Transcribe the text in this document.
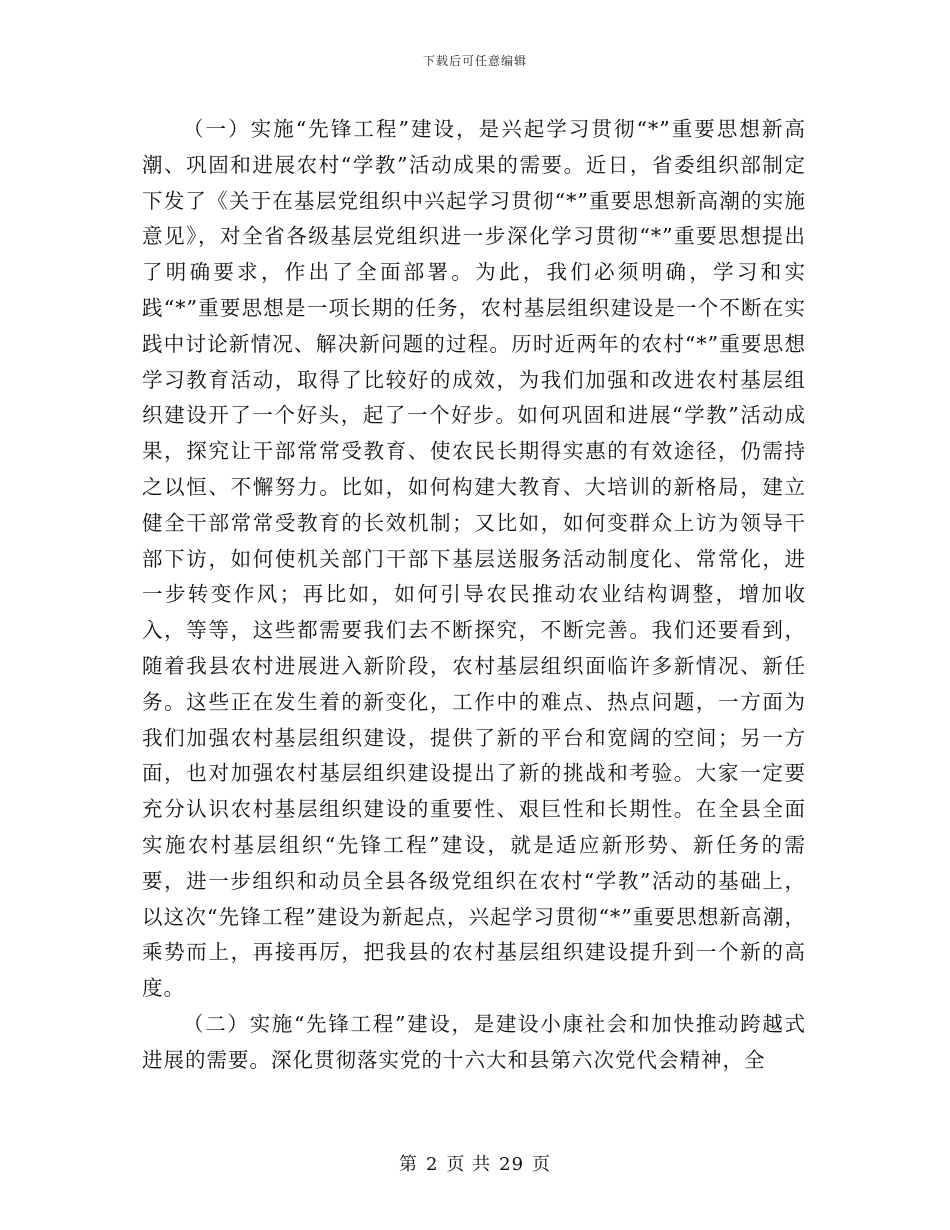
下载后可任意编辑

（一）实施“先锋工程”建设，是兴起学习贯彻“*”重要思想新高潮、巩固和进展农村“学教”活动成果的需要。近日，省委组织部制定下发了《关于在基层党组织中兴起学习贯彻“*”重要思想新高潮的实施意见》，对全省各级基层党组织进一步深化学习贯彻“*”重要思想提出了明确要求，作出了全面部署。为此，我们必须明确，学习和实践“*”重要思想是一项长期的任务，农村基层组织建设是一个不断在实践中讨论新情况、解决新问题的过程。历时近两年的农村“*”重要思想学习教育活动，取得了比较好的成效，为我们加强和改进农村基层组织建设开了一个好头，起了一个好步。如何巩固和进展“学教”活动成果，探究让干部常常受教育、使农民长期得实惠的有效途径，仍需持之以恒、不懈努力。比如，如何构建大教育、大培训的新格局，建立健全干部常常受教育的长效机制；又比如，如何变群众上访为领导干部下访，如何使机关部门干部下基层送服务活动制度化、常常化，进一步转变作风；再比如，如何引导农民推动农业结构调整，增加收入，等等，这些都需要我们去不断探究，不断完善。我们还要看到，随着我县农村进展进入新阶段，农村基层组织面临许多新情况、新任务。这些正在发生着的新变化，工作中的难点、热点问题，一方面为我们加强农村基层组织建设，提供了新的平台和宽阔的空间；另一方面，也对加强农村基层组织建设提出了新的挑战和考验。大家一定要充分认识农村基层组织建设的重要性、艰巨性和长期性。在全县全面实施农村基层组织“先锋工程”建设，就是适应新形势、新任务的需要，进一步组织和动员全县各级党组织在农村“学教”活动的基础上，以这次“先锋工程”建设为新起点，兴起学习贯彻“*”重要思想新高潮，乘势而上，再接再厉，把我县的农村基层组织建设提升到一个新的高度。

（二）实施“先锋工程”建设，是建设小康社会和加快推动跨越式进展的需要。深化贯彻落实党的十六大和县第六次党代会精神，全

第 2 页 共 29 页
